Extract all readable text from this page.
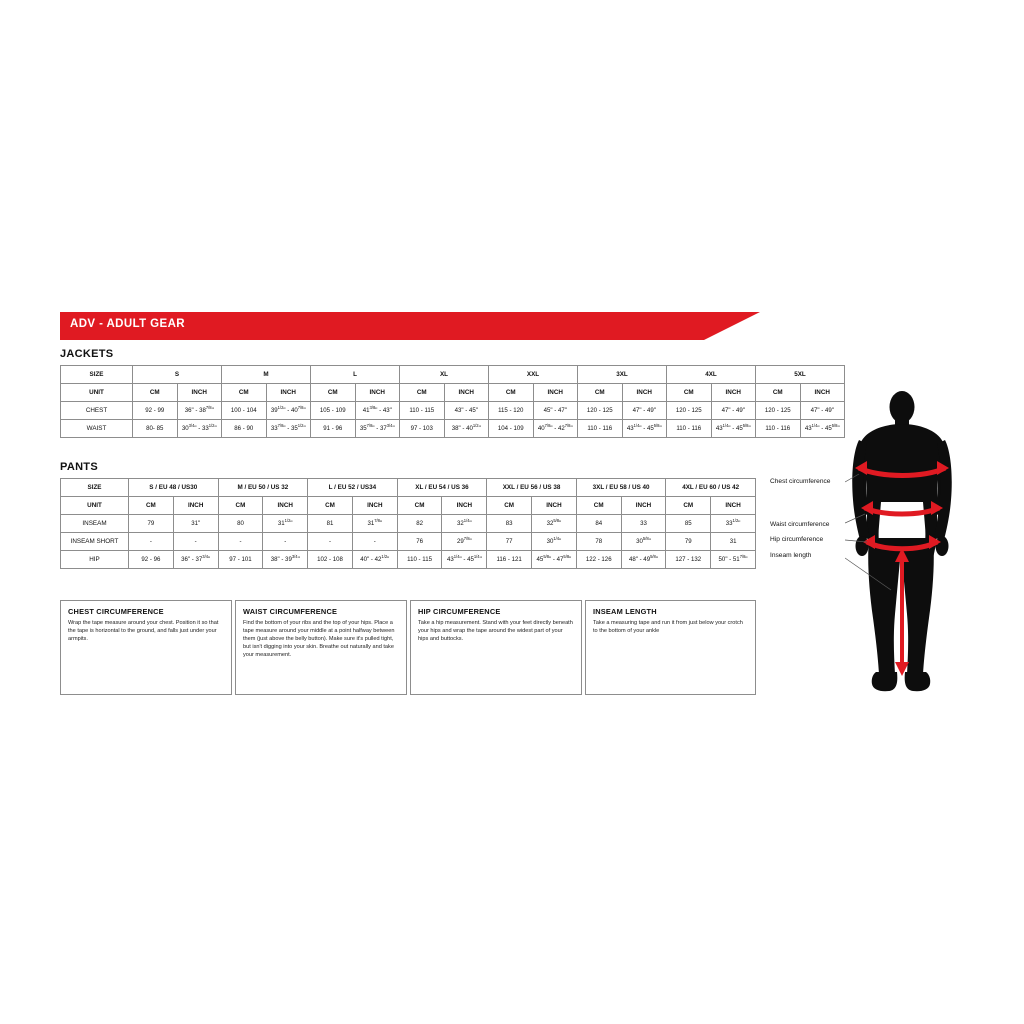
ADV - ADULT GEAR
JACKETS
PANTS
SIZE	S		M		L		XL		XXL		3XL		4XL		5XL	
UNIT	CM	INCH	CM	INCH	CM	INCH	CM	INCH	CM	INCH	CM	INCH	CM	INCH	CM	INCH
CHEST	92 - 99	36" - $38^{7/8}$"	100 - 104	$39^{1/2}$" - $40^{7/8}$"	105 - 109	$41^{3/8}$" - 43"	110 - 115	43" - 45"	115 - 120	45" - 47"	120 - 125	47" - 49"	120 - 125	47" - 49"	120 - 125	47" - 49"
WAIST	80- 85	$30^{3/4}$" - $33^{1/2}$"	86 - 90	$33^{7/8}$" - $35^{1/2}$"	91 - 96	$35^{7/8}$" - $37^{3/4}$"	97 - 103	38" - $40^{1/2}$"	104 - 109	$40^{7/8}$" - $42^{7/8}$"	110 - 116	$43^{1/4}$" - $45^{5/8}$"	110 - 116	$43^{1/4}$" - $45^{5/8}$"	110 - 116	$43^{1/4}$" - $45^{5/8}$"
SIZE	S / EU 48 / US30		M / EU 50 / US 32		L / EU 52 / US34		XL / EU 54 / US 36		XXL / EU 56 / US 38		3XL / EU 58 / US 40		4XL / EU 60 / US 42	
UNIT	CM	INCH	CM	INCH	CM	INCH	CM	INCH	CM	INCH	CM	INCH	CM	INCH
INSEAM	79	31"	80	$31^{1/2}$"	81	$31^{7/8}$"	82	$32^{1/4}$"	83	$32^{5/8}$"	84	33	85	$33^{1/2}$"
INSEAM SHORT	-	-	-	-	-	-	76	$29^{7/8}$"	77	$30^{1/4}$"	78	$30^{5/8}$"	79	31
HIP	92 - 96	36" - $37^{3/4}$"	97 - 101	38" - $39^{3/4}$"	102 - 108	40" - $42^{1/2}$"	110 - 115	$43^{1/4}$" - $45^{1/4}$"	116 - 121	$45^{5/8}$" - $47^{5/8}$"	122 - 126	48" - $49^{5/8}$"	127 - 132	50" - $51^{7/8}$"
CHEST CIRCUMFERENCE
Wrap the tape measure around your chest. Position it so that the tape is horizontal to the ground, and falls just under your armpits.
WAIST CIRCUMFERENCE
Find the bottom of your ribs and the top of your hips. Place a tape measure around your middle at a point halfway between them (just above the belly button). Make sure it's pulled tight, but isn't digging into your skin. Breathe out naturally and take your measurement.
HIP CIRCUMFERENCE
Take a hip measurement. Stand with your feet directly beneath your hips and wrap the tape around the widest part of your hips and buttocks.
INSEAM LENGTH
Take a measuring tape and run it from just below your crotch to the bottom of your ankle
Chest circumference
Waist circumference
Hip circumference
Inseam length
